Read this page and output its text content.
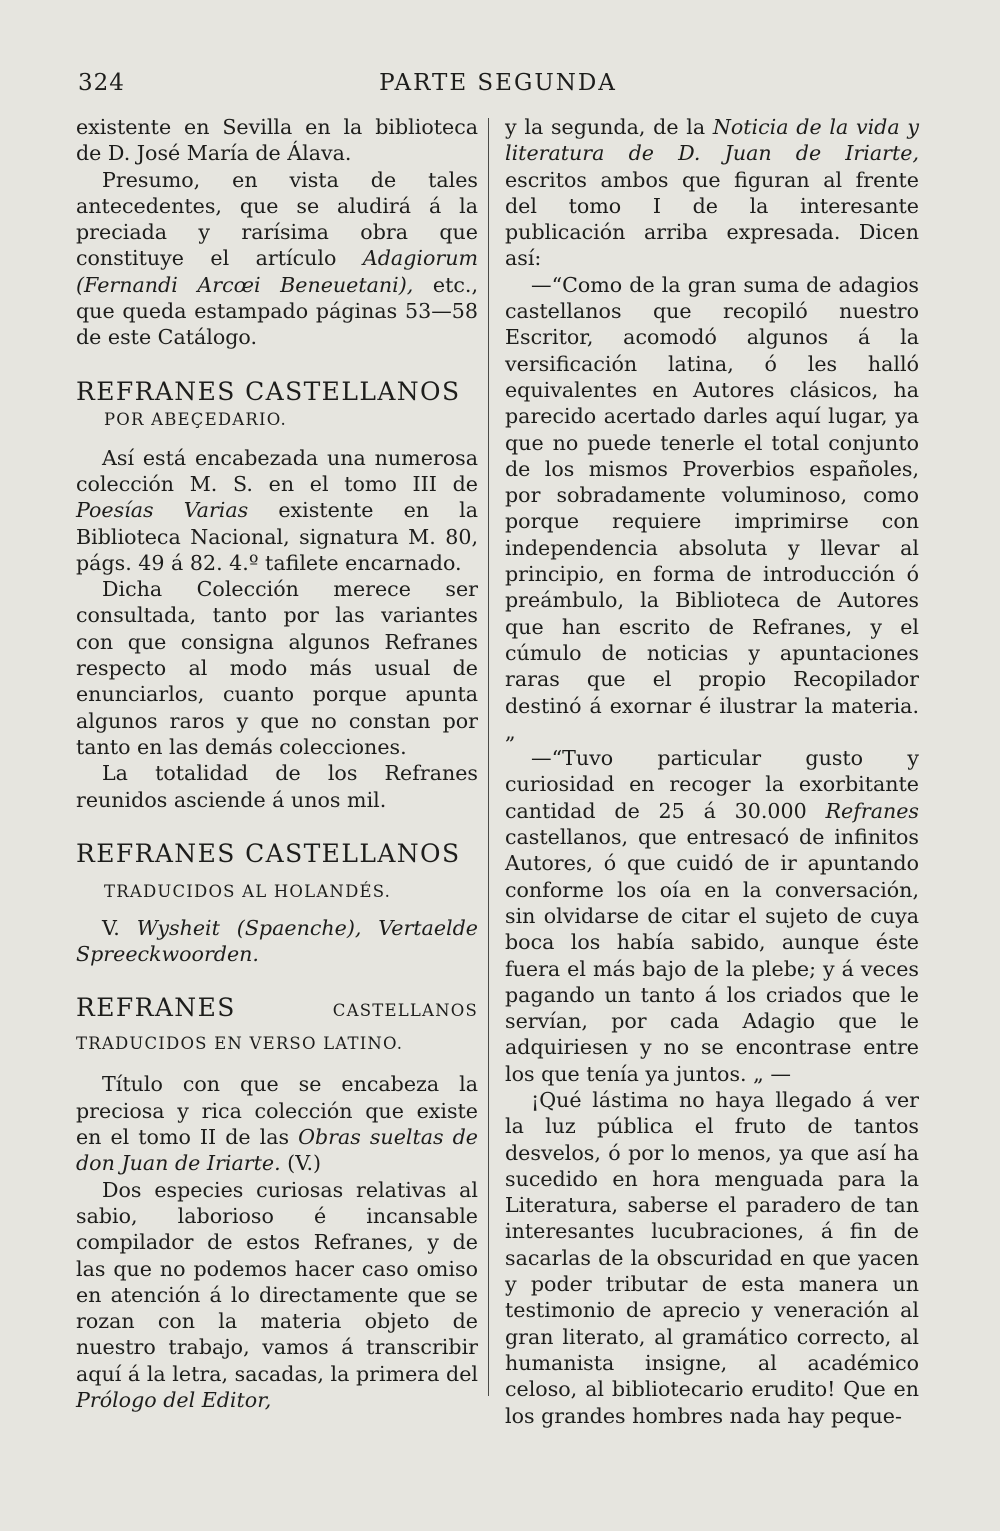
324	PARTE SEGUNDA

existente en Sevilla en la biblioteca de D. José María de Álava.

Presumo, en vista de tales antecedentes, que se aludirá á la preciada y rarísima obra que constituye el artículo Adagiorum (Fernandi Arcœi Beneuetani), etc., que queda estampado páginas 53—58 de este Catálogo.

REFRANES CASTELLANOS

POR ABEÇEDARIO.

Así está encabezada una numerosa colección M. S. en el tomo III de Poesías Varias existente en la Biblioteca Nacional, signatura M. 80, págs. 49 á 82. 4.º tafilete encarnado.

Dicha Colección merece ser consultada, tanto por las variantes con que consigna algunos Refranes respecto al modo más usual de enunciarlos, cuanto porque apunta algunos raros y que no constan por tanto en las demás colecciones.

La totalidad de los Refranes reunidos asciende á unos mil.

REFRANES CASTELLANOS

TRADUCIDOS AL HOLANDÉS.

V. Wysheit (Spaenche), Vertaelde Spreeckwoorden.

REFRANES CASTELLANOS TRADUCIDOS EN VERSO LATINO.

Título con que se encabeza la preciosa y rica colección que existe en el tomo II de las Obras sueltas de don Juan de Iriarte. (V.)

Dos especies curiosas relativas al sabio, laborioso é incansable compilador de estos Refranes, y de las que no podemos hacer caso omiso en atención á lo directamente que se rozan con la materia objeto de nuestro trabajo, vamos á transcribir aquí á la letra, sacadas, la primera del Prólogo del Editor,

y la segunda, de la Noticia de la vida y literatura de D. Juan de Iriarte, escritos ambos que figuran al frente del tomo I de la interesante publicación arriba expresada. Dicen así:

—“Como de la gran suma de adagios castellanos que recopiló nuestro Escritor, acomodó algunos á la versificación latina, ó les halló equivalentes en Autores clásicos, ha parecido acertado darles aquí lugar, ya que no puede tenerle el total conjunto de los mismos Proverbios españoles, por sobradamente voluminoso, como porque requiere imprimirse con independencia absoluta y llevar al principio, en forma de introducción ó preámbulo, la Biblioteca de Autores que han escrito de Refranes, y el cúmulo de noticias y apuntaciones raras que el propio Recopilador destinó á exornar é ilustrar la materia. „

—“Tuvo particular gusto y curiosidad en recoger la exorbitante cantidad de 25 á 30.000 Refranes castellanos, que entresacó de infinitos Autores, ó que cuidó de ir apuntando conforme los oía en la conversación, sin olvidarse de citar el sujeto de cuya boca los había sabido, aunque éste fuera el más bajo de la plebe; y á veces pagando un tanto á los criados que le servían, por cada Adagio que le adquiriesen y no se encontrase entre los que tenía ya juntos. „ —

¡Qué lástima no haya llegado á ver la luz pública el fruto de tantos desvelos, ó por lo menos, ya que así ha sucedido en hora menguada para la Literatura, saberse el paradero de tan interesantes lucubraciones, á fin de sacarlas de la obscuridad en que yacen y poder tributar de esta manera un testimonio de aprecio y veneración al gran literato, al gramático correcto, al humanista insigne, al académico celoso, al bibliotecario erudito! Que en los grandes hombres nada hay peque-
